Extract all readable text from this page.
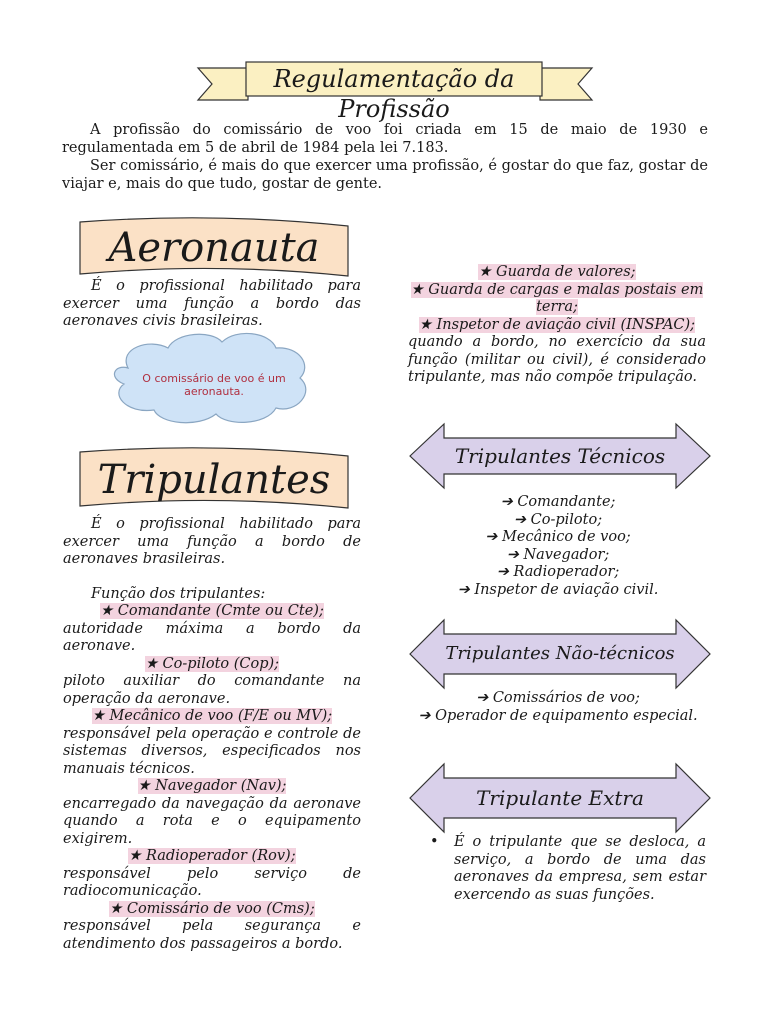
Regulamentação da Profissão
A profissão do comissário de voo foi criada em 15 de maio de 1930 e regulamentada em 5 de abril de 1984 pela lei 7.183.
Ser comissário, é mais do que exercer uma profissão, é gostar do que faz, gostar de viajar e, mais do que tudo, gostar de gente.
Aeronauta
É o profissional habilitado para exercer uma função a bordo das aeronaves civis brasileiras.
O comissário de voo é um aeronauta.
Tripulantes
É o profissional habilitado para exercer uma função a bordo de aeronaves brasileiras.
Função dos tripulantes:

★ Comandante (Cmte ou Cte);

autoridade máxima a bordo da aeronave.

★ Co-piloto (Cop);

piloto auxiliar do comandante na operação da aeronave.

★ Mecânico de voo (F/E ou MV);

responsável pela operação e controle de sistemas diversos, especificados nos manuais técnicos.

★ Navegador (Nav);

encarregado da navegação da aeronave quando a rota e o equipamento exigirem.

★ Radioperador (Rov);

responsável pelo serviço de radiocomunicação.

★ Comissário de voo (Cms);

responsável pela segurança e atendimento dos passageiros a bordo.

★ Guarda de valores;

★ Guarda de cargas e malas postais em terra;

★ Inspetor de aviação civil (INSPAC);

quando a bordo, no exercício da sua função (militar ou civil), é considerado tripulante, mas não compõe tripulação.

Tripulantes Técnicos

➔ Comandante;

➔ Co-piloto;

➔ Mecânico de voo;

➔ Navegador;

➔ Radioperador;

➔ Inspetor de aviação civil.

Tripulantes Não-técnicos

➔ Comissários de voo;

➔ Operador de equipamento especial.

Tripulante Extra
• É o tripulante que se desloca, a serviço, a bordo de uma das aeronaves da empresa, sem estar exercendo as suas funções.
